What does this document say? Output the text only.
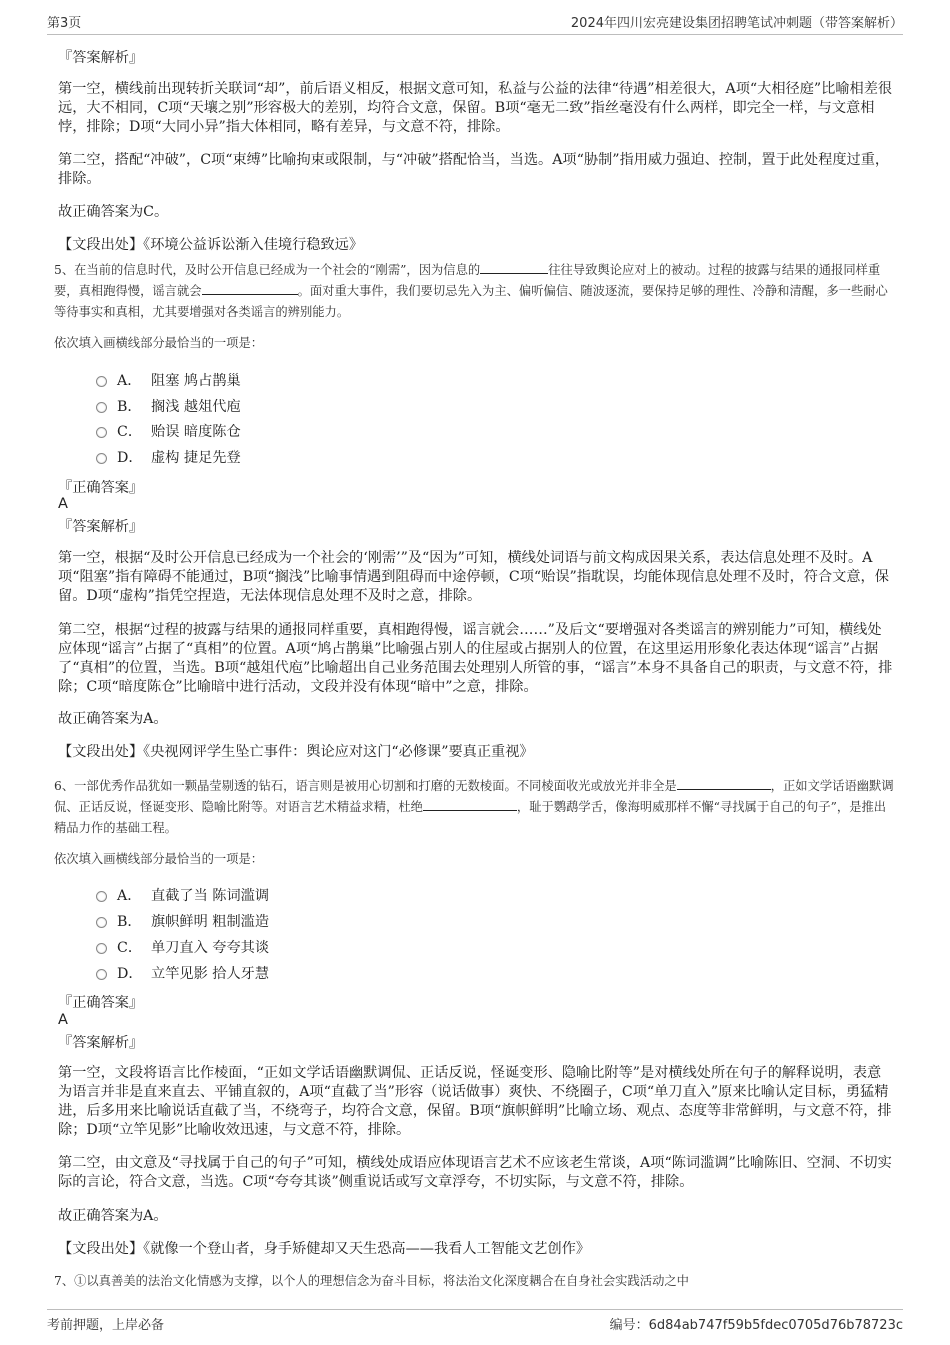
第3页	2024年四川宏亮建设集团招聘笔试冲刺题（带答案解析）
『答案解析』
第一空，横线前出现转折关联词“却”，前后语义相反，根据文意可知，私益与公益的法律“待遇”相差很大，A项“大相径庭”比喻相差很远，大不相同，C项“天壤之别”形容极大的差别，均符合文意，保留。B项“毫无二致”指丝毫没有什么两样，即完全一样，与文意相悖，排除；D项“大同小异”指大体相同，略有差异，与文意不符，排除。
第二空，搭配“冲破”，C项“束缚”比喻拘束或限制，与“冲破”搭配恰当，当选。A项“胁制”指用威力强迫、控制，置于此处程度过重，排除。
故正确答案为C。
【文段出处】《环境公益诉讼渐入佳境行稳致远》
5、在当前的信息时代，及时公开信息已经成为一个社会的“刚需”，因为信息的	往往导致舆论应对上的被动。过程的披露与结果的通报同样重要，真相跑得慢，谣言就会	。面对重大事件，我们要切忌先入为主、偏听偏信、随波逐流，要保持足够的理性、冷静和清醒，多一些耐心等待事实和真相，尤其要增强对各类谣言的辨别能力。
依次填入画横线部分最恰当的一项是：
A． 阻塞 鸠占鹊巢
B． 搁浅 越俎代庖
C． 贻误 暗度陈仓
D． 虚构 捷足先登
『正确答案』
A
『答案解析』
第一空，根据“及时公开信息已经成为一个社会的‘刚需’”及“因为”可知，横线处词语与前文构成因果关系，表达信息处理不及时。A项“阻塞”指有障碍不能通过，B项“搁浅”比喻事情遇到阻碍而中途停顿，C项“贻误”指耽误，均能体现信息处理不及时，符合文意，保留。D项“虚构”指凭空捏造，无法体现信息处理不及时之意，排除。
第二空，根据“过程的披露与结果的通报同样重要，真相跑得慢，谣言就会……”及后文“要增强对各类谣言的辨别能力”可知，横线处应体现“谣言”占据了“真相”的位置。A项“鸠占鹊巢”比喻强占别人的住屋或占据别人的位置，在这里运用形象化表达体现“谣言”占据了“真相”的位置，当选。B项“越俎代庖”比喻超出自己业务范围去处理别人所管的事，“谣言”本身不具备自己的职责，与文意不符，排除；C项“暗度陈仓”比喻暗中进行活动，文段并没有体现“暗中”之意，排除。
故正确答案为A。
【文段出处】《央视网评学生坠亡事件：舆论应对这门“必修课”要真正重视》
6、一部优秀作品犹如一颗晶莹剔透的钻石，语言则是被用心切割和打磨的无数棱面。不同棱面收光或放光并非全是	，正如文学话语幽默调侃、正话反说，怪诞变形、隐喻比附等。对语言艺术精益求精，杜绝	，耻于鹦鹉学舌，像海明威那样不懈“寻找属于自己的句子”，是推出精品力作的基础工程。
依次填入画横线部分最恰当的一项是：
A． 直截了当 陈词滥调
B． 旗帜鲜明 粗制滥造
C． 单刀直入 夸夸其谈
D． 立竿见影 拾人牙慧
『正确答案』
A
『答案解析』
第一空，文段将语言比作棱面，“正如文学话语幽默调侃、正话反说，怪诞变形、隐喻比附等”是对横线处所在句子的解释说明，表意为语言并非是直来直去、平铺直叙的，A项“直截了当”形容（说话做事）爽快、不绕圈子，C项“单刀直入”原来比喻认定目标，勇猛精进，后多用来比喻说话直截了当，不绕弯子，均符合文意，保留。B项“旗帜鲜明”比喻立场、观点、态度等非常鲜明，与文意不符，排除；D项“立竿见影”比喻收效迅速，与文意不符，排除。
第二空，由文意及“寻找属于自己的句子”可知，横线处成语应体现语言艺术不应该老生常谈，A项“陈词滥调”比喻陈旧、空洞、不切实际的言论，符合文意，当选。C项“夸夸其谈”侧重说话或写文章浮夸，不切实际，与文意不符，排除。
故正确答案为A。
【文段出处】《就像一个登山者，身手矫健却又天生恐高——我看人工智能文艺创作》
7、①以真善美的法治文化情感为支撑，以个人的理想信念为奋斗目标，将法治文化深度耦合在自身社会实践活动之中
考前押题，上岸必备	编号：6d84ab747f59b5fdec0705d76b78723c
